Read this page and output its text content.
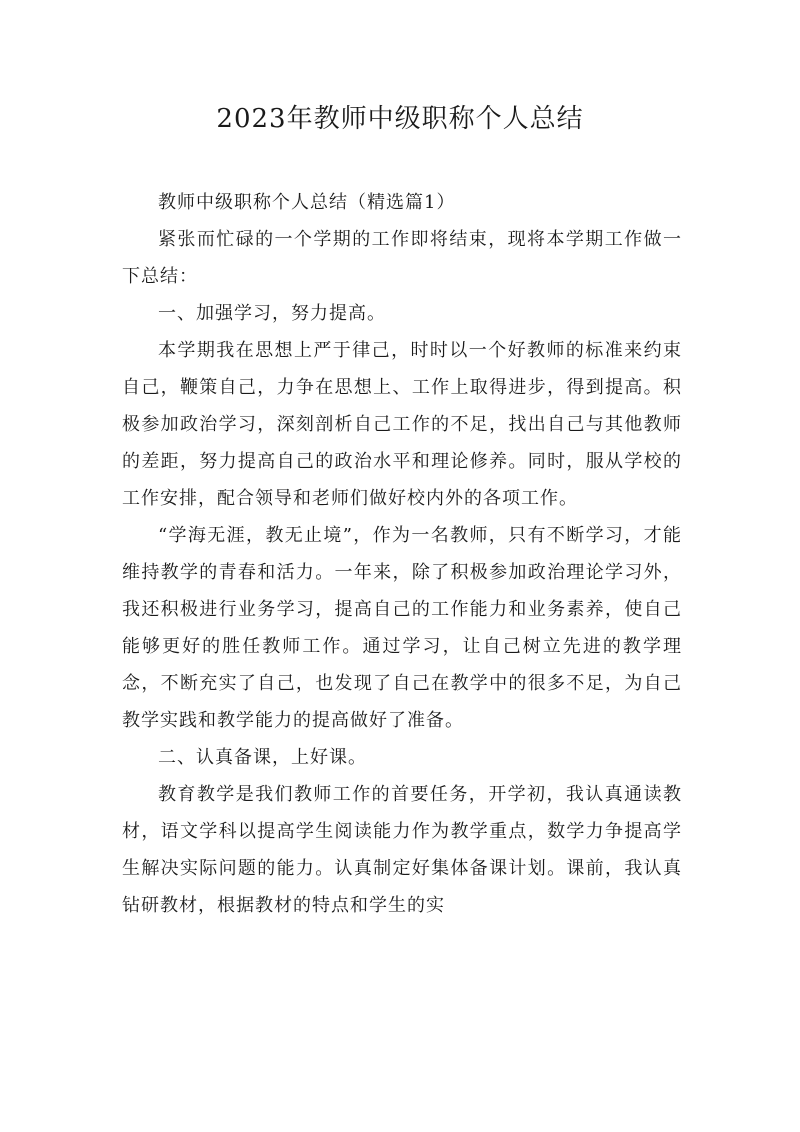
2023年教师中级职称个人总结

教师中级职称个人总结（精选篇1）

紧张而忙碌的一个学期的工作即将结束，现将本学期工作做一下总结：

一、加强学习，努力提高。

本学期我在思想上严于律己，时时以一个好教师的标准来约束自己，鞭策自己，力争在思想上、工作上取得进步，得到提高。积极参加政治学习，深刻剖析自己工作的不足，找出自己与其他教师的差距，努力提高自己的政治水平和理论修养。同时，服从学校的工作安排，配合领导和老师们做好校内外的各项工作。

“学海无涯，教无止境”，作为一名教师，只有不断学习，才能维持教学的青春和活力。一年来，除了积极参加政治理论学习外，我还积极进行业务学习，提高自己的工作能力和业务素养，使自己能够更好的胜任教师工作。通过学习，让自己树立先进的教学理念，不断充实了自己，也发现了自己在教学中的很多不足，为自己教学实践和教学能力的提高做好了准备。

二、认真备课，上好课。

教育教学是我们教师工作的首要任务，开学初，我认真通读教材，语文学科以提高学生阅读能力作为教学重点，数学力争提高学生解决实际问题的能力。认真制定好集体备课计划。课前，我认真钻研教材，根据教材的特点和学生的实
